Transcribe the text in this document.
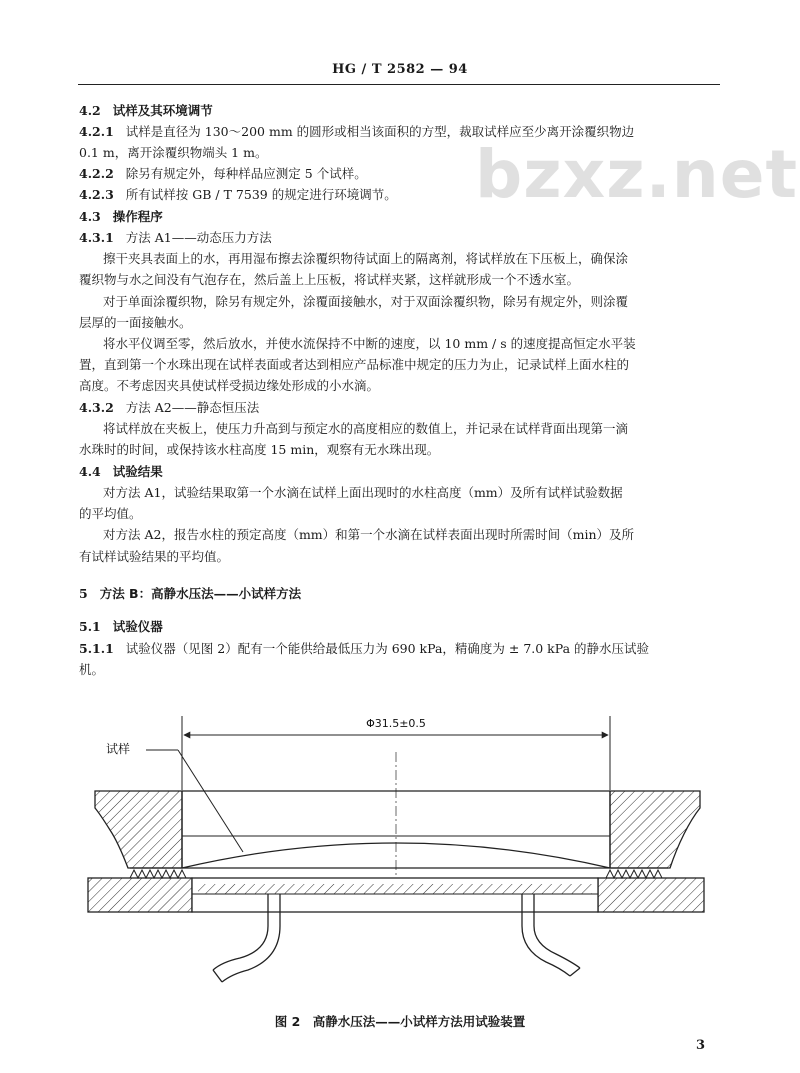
HG / T 2582 — 94
bzxz.net
4.2 试样及其环境调节
4.2.1 试样是直径为 130～200 mm 的圆形或相当该面积的方型，裁取试样应至少离开涂覆织物边
0.1 m，离开涂覆织物端头 1 m。
4.2.2 除另有规定外，每种样品应测定 5 个试样。
4.2.3 所有试样按 GB / T 7539 的规定进行环境调节。
4.3 操作程序
4.3.1 方法 A1——动态压力方法
擦干夹具表面上的水，再用湿布擦去涂覆织物待试面上的隔离剂，将试样放在下压板上，确保涂
覆织物与水之间没有气泡存在，然后盖上上压板，将试样夹紧，这样就形成一个不透水室。
对于单面涂覆织物，除另有规定外，涂覆面接触水，对于双面涂覆织物，除另有规定外，则涂覆
层厚的一面接触水。
将水平仪调至零，然后放水，并使水流保持不中断的速度，以 10 mm / s 的速度提高恒定水平装
置，直到第一个水珠出现在试样表面或者达到相应产品标准中规定的压力为止，记录试样上面水柱的
高度。不考虑因夹具使试样受损边缘处形成的小水滴。
4.3.2 方法 A2——静态恒压法
将试样放在夹板上，使压力升高到与预定水的高度相应的数值上，并记录在试样背面出现第一滴
水珠时的时间，或保持该水柱高度 15 min，观察有无水珠出现。
4.4 试验结果
对方法 A1，试验结果取第一个水滴在试样上面出现时的水柱高度（mm）及所有试样试验数据
的平均值。
对方法 A2，报告水柱的预定高度（mm）和第一个水滴在试样表面出现时所需时间（min）及所
有试样试验结果的平均值。
5 方法 B：高静水压法——小试样方法
5.1 试验仪器
5.1.1 试验仪器（见图 2）配有一个能供给最低压力为 690 kPa，精确度为 ± 7.0 kPa 的静水压试验
机。
Φ31.5±0.5
试样
图 2　高静水压法——小试样方法用试验装置
3
